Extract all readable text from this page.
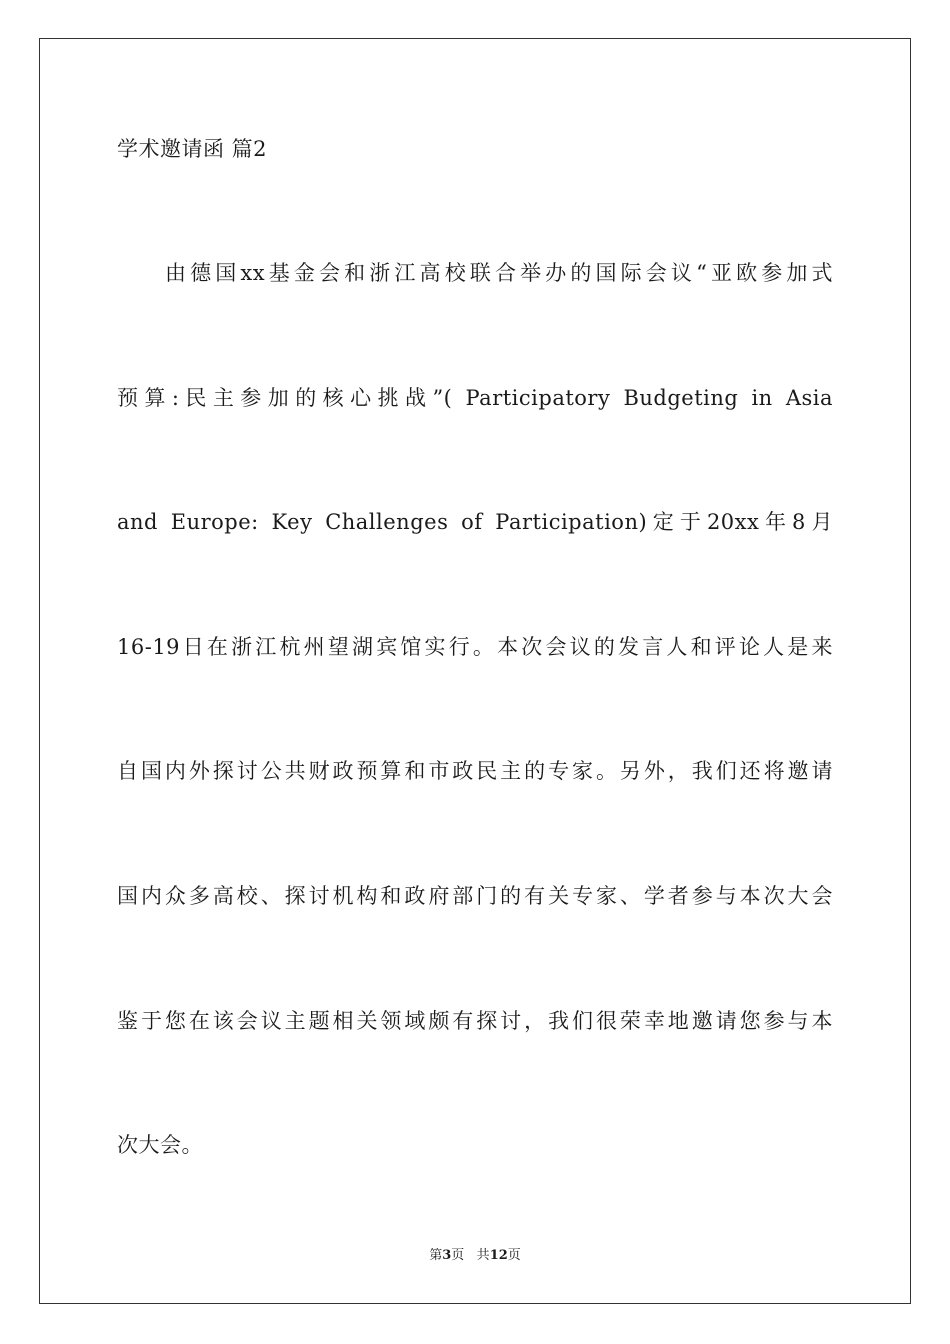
学术邀请函 篇2
由德国xx基金会和浙江高校联合举办的国际会议“亚欧参加式
预算:民主参加的核心挑战”( Participatory Budgeting in Asia
and Europe: Key Challenges of Participation)定于20xx年8月
16-19日在浙江杭州望湖宾馆实行。本次会议的发言人和评论人是来
自国内外探讨公共财政预算和市政民主的专家。另外，我们还将邀请
国内众多高校、探讨机构和政府部门的有关专家、学者参与本次大会
鉴于您在该会议主题相关领域颇有探讨，我们很荣幸地邀请您参与本
次大会。
第3页 共12页
